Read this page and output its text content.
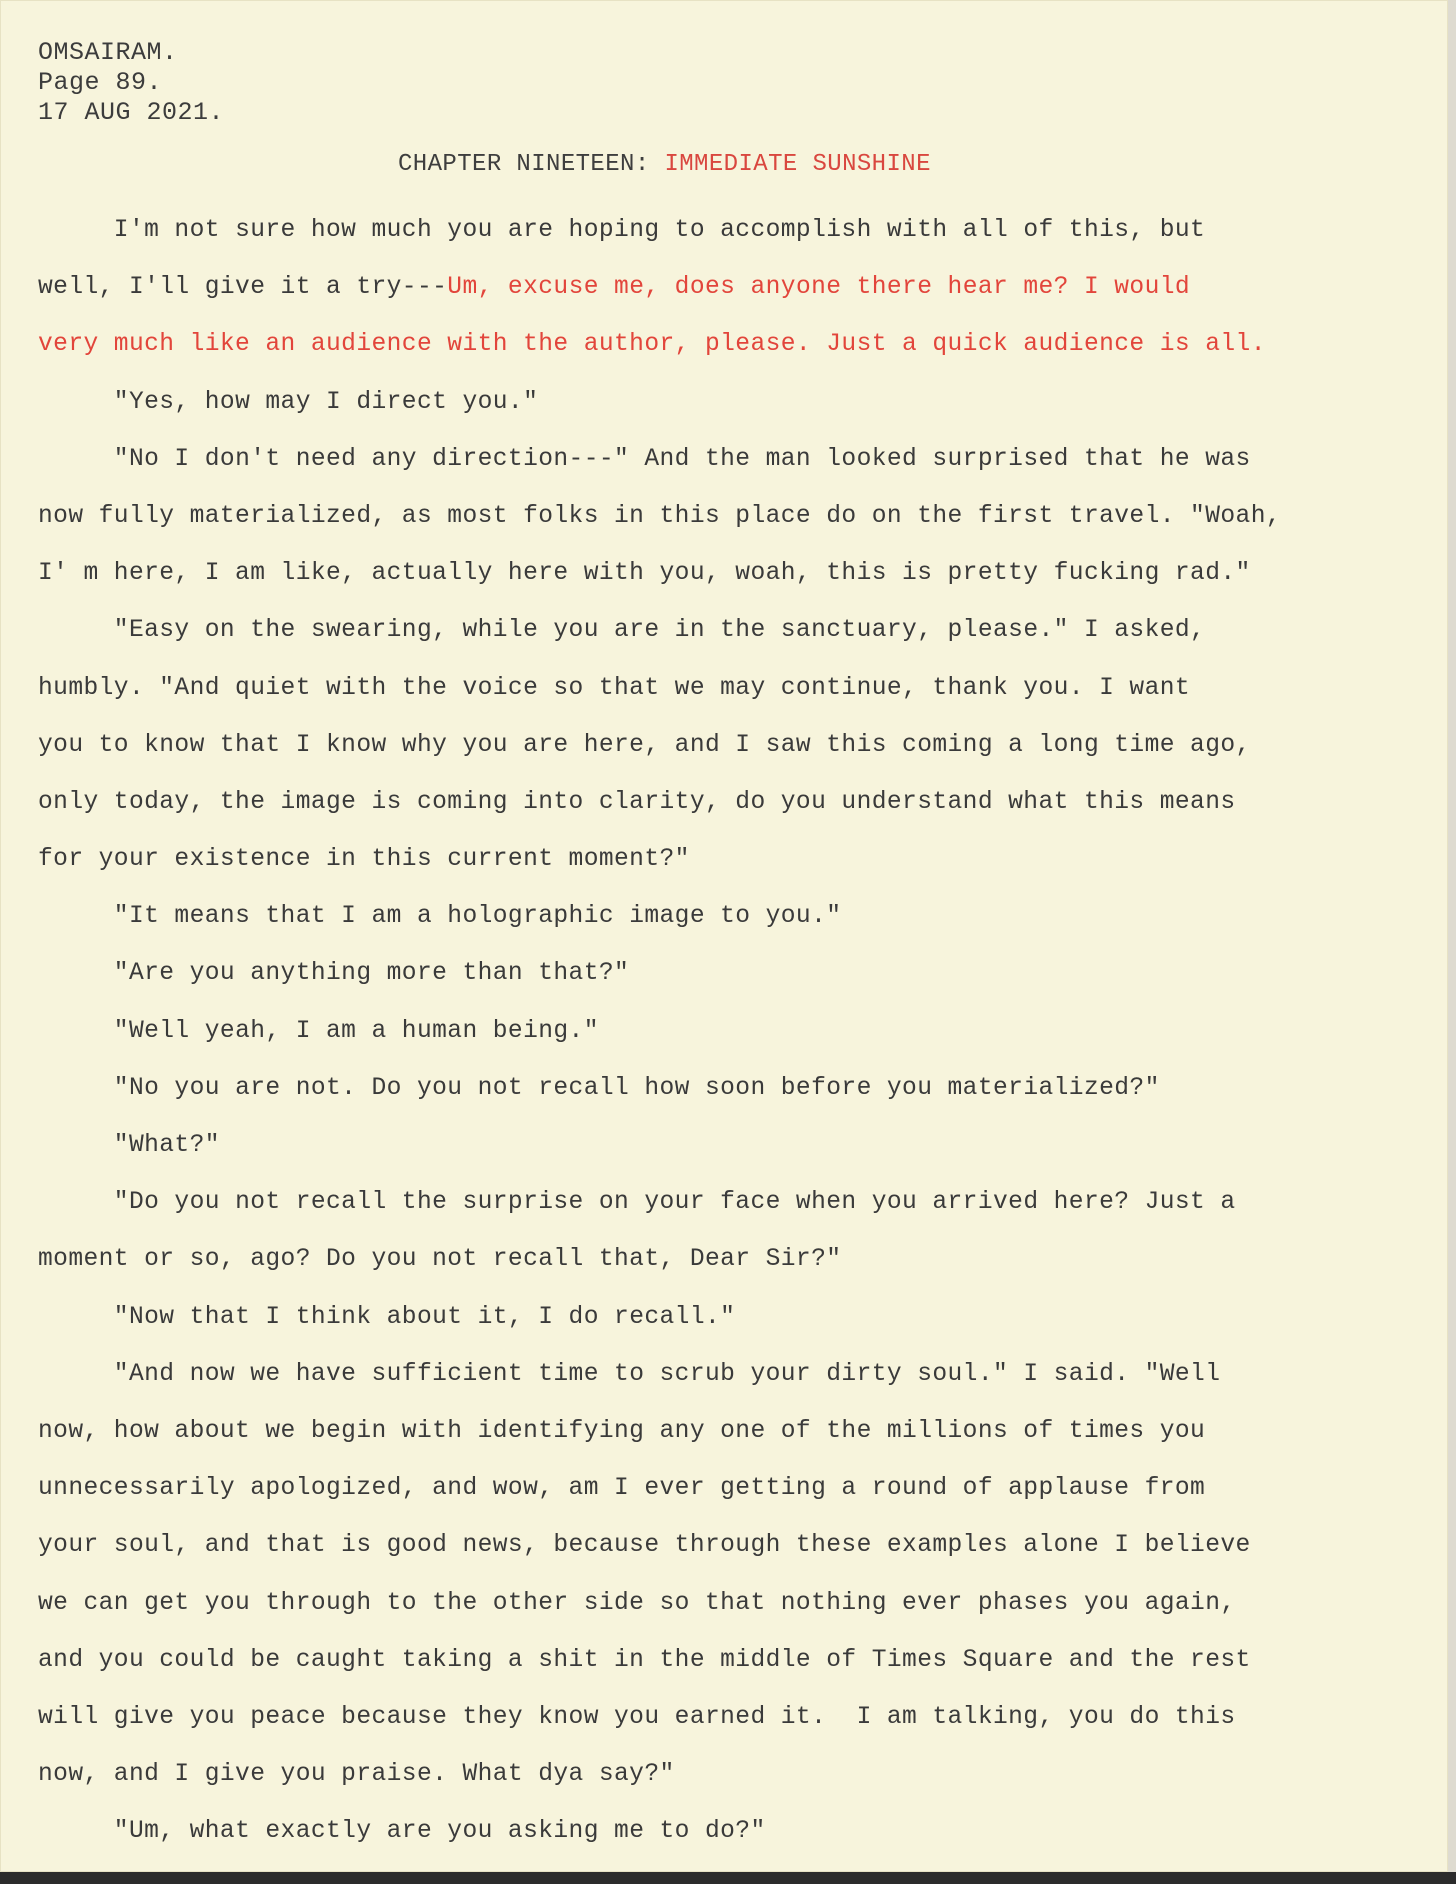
OMSAIRAM.
Page 89.
17 AUG 2021.
CHAPTER NINETEEN: IMMEDIATE SUNSHINE
I'm not sure how much you are hoping to accomplish with all of this, but
well, I'll give it a try---Um, excuse me, does anyone there hear me? I would
very much like an audience with the author, please. Just a quick audience is all.
"Yes, how may I direct you."
"No I don't need any direction---" And the man looked surprised that he was
now fully materialized, as most folks in this place do on the first travel. "Woah,
I' m here, I am like, actually here with you, woah, this is pretty fucking rad."
"Easy on the swearing, while you are in the sanctuary, please." I asked,
humbly. "And quiet with the voice so that we may continue, thank you. I want
you to know that I know why you are here, and I saw this coming a long time ago,
only today, the image is coming into clarity, do you understand what this means
for your existence in this current moment?"
"It means that I am a holographic image to you."
"Are you anything more than that?"
"Well yeah, I am a human being."
"No you are not. Do you not recall how soon before you materialized?"
"What?"
"Do you not recall the surprise on your face when you arrived here? Just a
moment or so, ago? Do you not recall that, Dear Sir?"
"Now that I think about it, I do recall."
"And now we have sufficient time to scrub your dirty soul." I said. "Well
now, how about we begin with identifying any one of the millions of times you
unnecessarily apologized, and wow, am I ever getting a round of applause from
your soul, and that is good news, because through these examples alone I believe
we can get you through to the other side so that nothing ever phases you again,
and you could be caught taking a shit in the middle of Times Square and the rest
will give you peace because they know you earned it.  I am talking, you do this
now, and I give you praise. What dya say?"
"Um, what exactly are you asking me to do?"
